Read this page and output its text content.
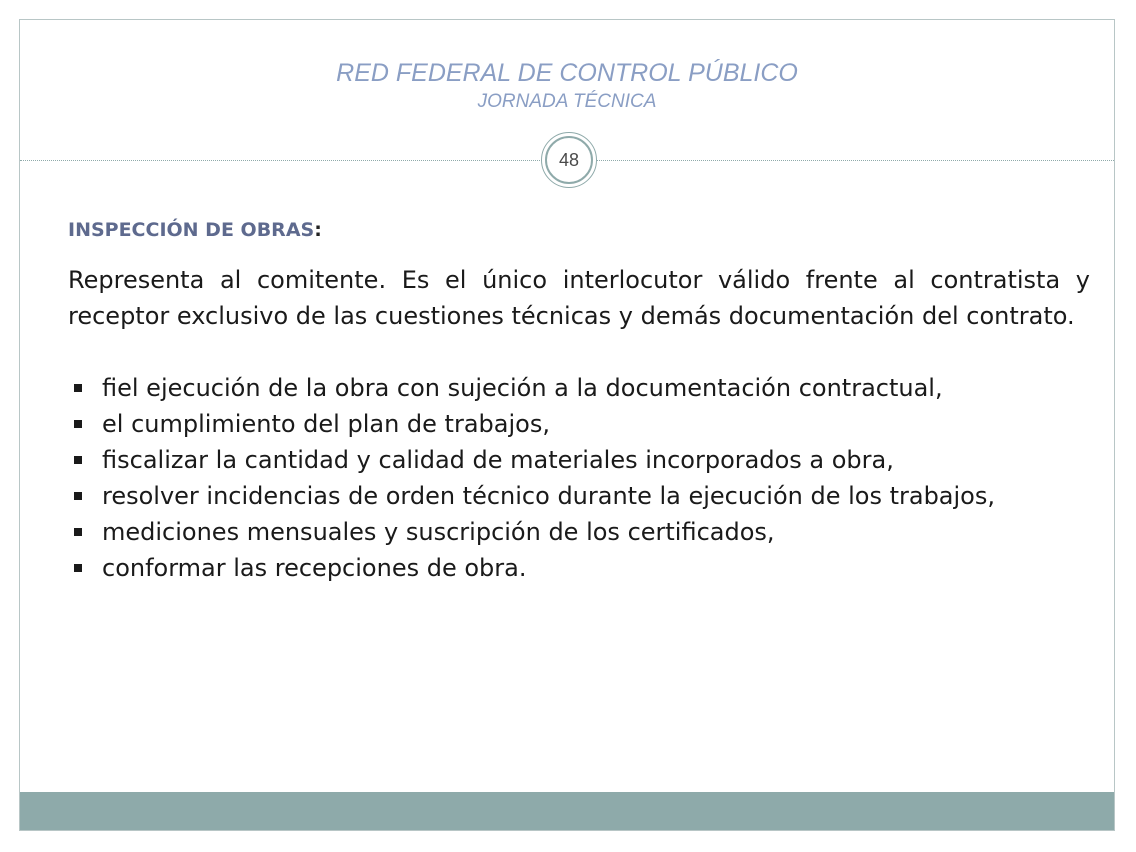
RED FEDERAL DE CONTROL PÚBLICO
JORNADA TÉCNICA
48
INSPECCIÓN DE OBRAS:

Representa al comitente. Es el único interlocutor válido frente al contratista y receptor exclusivo de las cuestiones técnicas y demás documentación del contrato.

fiel ejecución de la obra con sujeción a la documentación contractual,
el cumplimiento del plan de trabajos,
fiscalizar la cantidad y calidad de materiales incorporados a obra,
resolver incidencias de orden técnico durante la ejecución de los trabajos,
mediciones mensuales y suscripción de los certificados,
conformar las recepciones de obra.
